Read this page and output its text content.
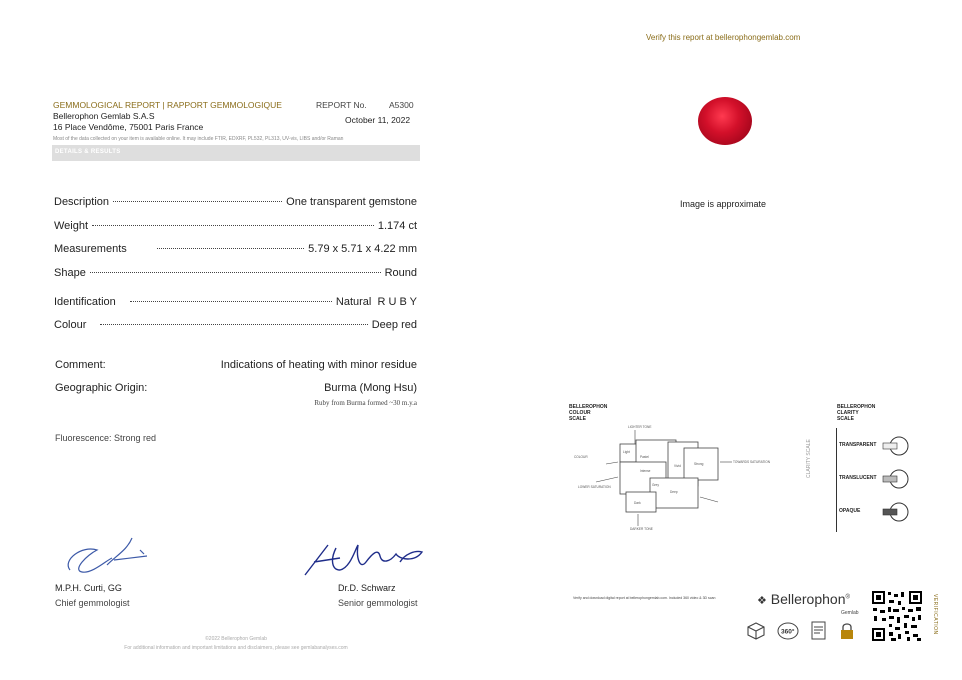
Verify this report at bellerophongemlab.com
GEMMOLOGICAL REPORT | RAPPORT GEMMOLOGIQUE	REPORT No.	A5300
Bellerophon Gemlab S.A.S
16 Place Vendôme, 75001 Paris France
October 11, 2022
Most of the data collected on your item is available online. It may include FTIR, EDXRF, PL532, PL313, UV-vis, LIBS and/or Raman
DETAILS & RESULTS
Description	One transparent gemstone
Weight	1.174 ct
Measurements	5.79 x 5.71 x 4.22 mm
Shape	Round
Identification	Natural  R U B Y
Colour	Deep red
Comment:	Indications of heating with minor residue
Geographic Origin:	Burma (Mong Hsu)
Ruby from Burma formed ~30 m.y.a
Fluorescence: Strong red
M.P.H. Curti, GG
Chief gemmologist
Dr.D. Schwarz
Senior gemmologist
©2022 Bellerophon Gemlab
For additional information and important limitations and disclaimers, please see gemlabanalyses.com
Image is approximate
BELLEROPHON
COLOUR
SCALE
LIGHTER TONE
Light
Pastel
Vivid	Strong
Intense
Dark
Deep
Grey
COLOUR
TOWARDS SATURATION
LOWER SATURATION
DARKER TONE
BELLEROPHON
CLARITY
SCALE
CLARITY SCALE	TRANSPARENT
TRANSLUCENT
OPAQUE
Verify and download digital report at bellerophongemlab.com. Included 360 video & 3D scan	❖ Bellerophon®
Gemlab	VERIFICATION
360°
